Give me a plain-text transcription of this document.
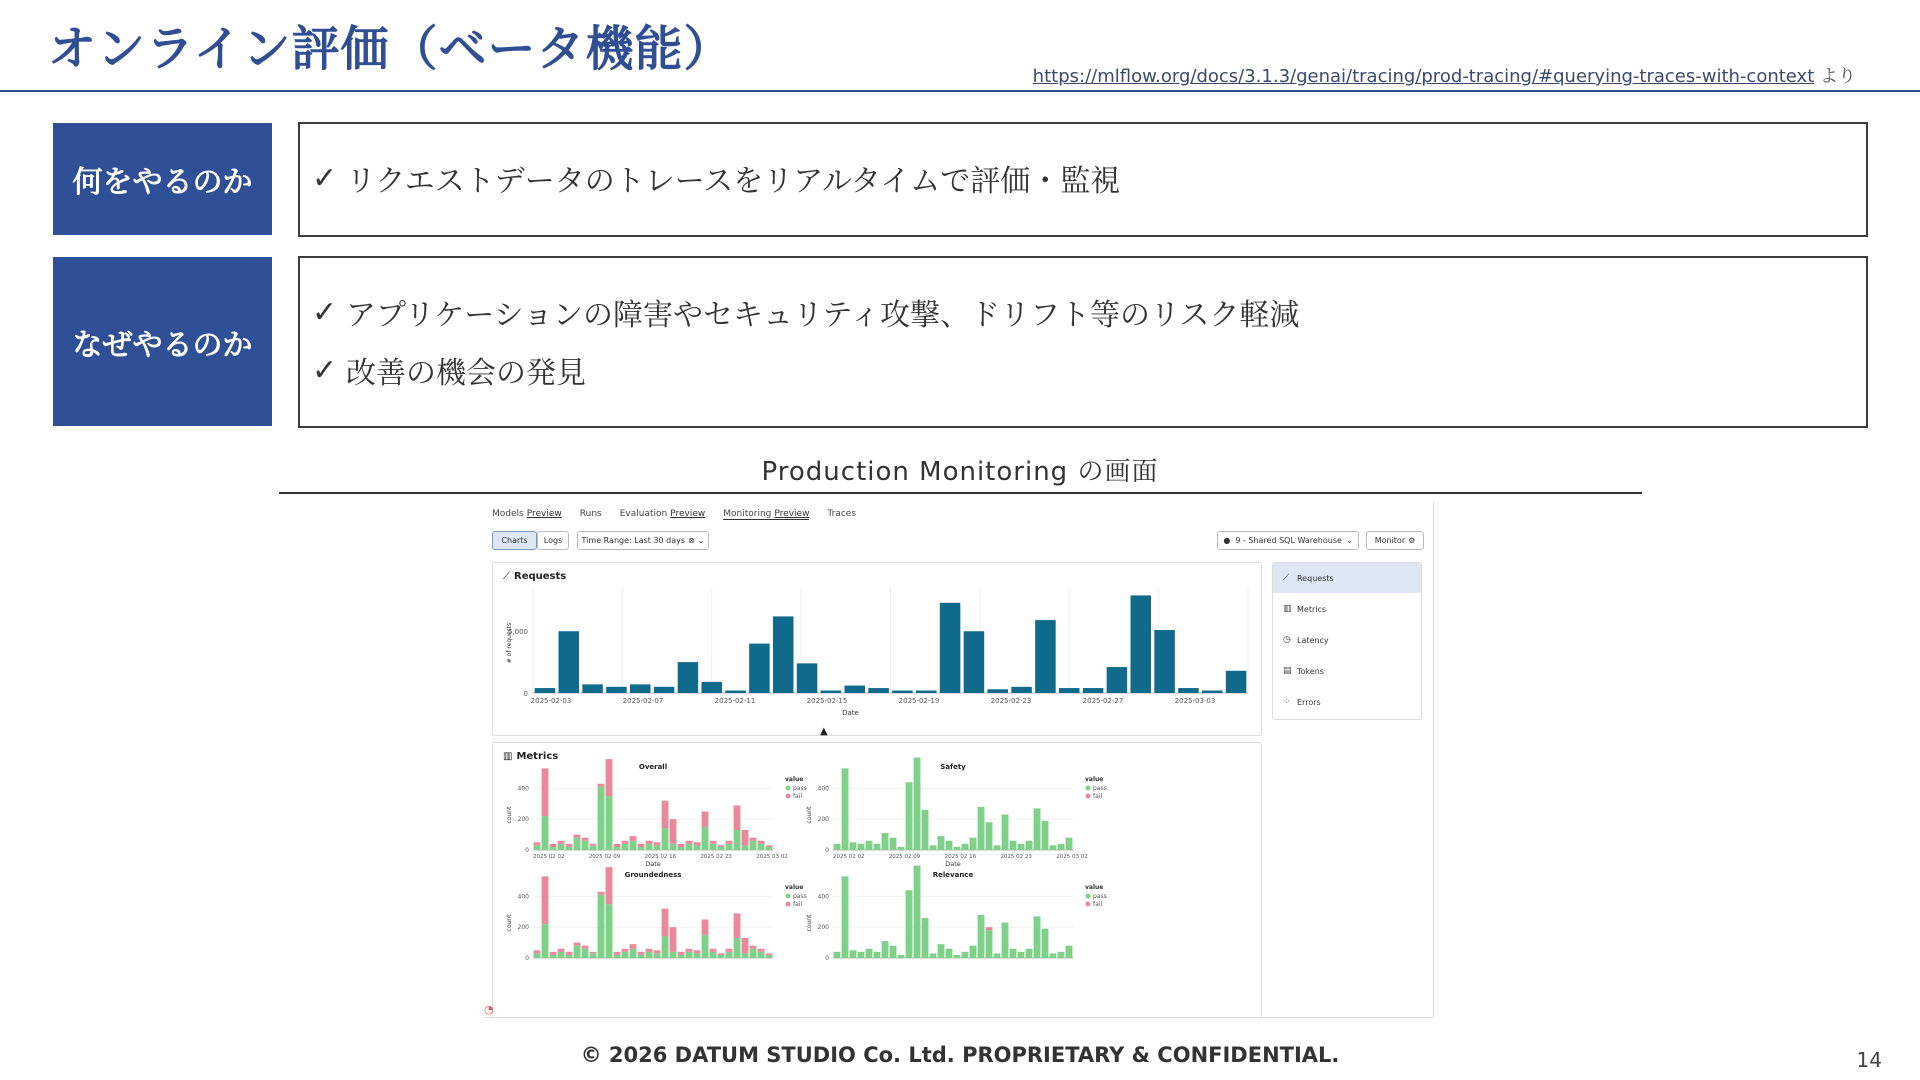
オンライン評価（ベータ機能）	https://mlflow.org/docs/3.1.3/genai/tracing/prod-tracing/#querying-traces-with-context より
何をやるのか	✓ リクエストデータのトレースをリアルタイムで評価・監視
なぜやるのか
✓ アプリケーションの障害やセキュリティ攻撃、ドリフト等のリスク軽減
✓ 改善の機会の発見
Production Monitoring の画面
Models Preview Runs Evaluation Preview Monitoring Preview Traces
Charts	Logs	Time Range: Last 30 days ⊗ ⌄	● 9 - Shared SQL Warehouse ⌄	Monitor ⚙
⟋ Requests
0
5,000
2025-02-03	2025-02-07	2025-02-11	2025-02-15	2025-02-19	2025-02-23	2025-02-27	2025-03-03
Date
# of requests
▥ Metrics
Overall
0
200
400
count
2025 02 02	2025 02 09	2025 02 16	2025 02 23	2025 03 02
Date
value
pass
fail
Safety
0
200
400
count
2025 02 02	2025 02 09	2025 02 16	2025 02 23	2025 03 02
Date
value
pass
fail
Groundedness
0
200
400
count
value
pass
fail
Relevance
0
200
400
count
value
pass
fail
⟋ Requests
▥ Metrics
◷ Latency
▤ Tokens
⁘ Errors
▲
◔
© 2026 DATUM STUDIO Co. Ltd. PROPRIETARY & CONFIDENTIAL.	14
